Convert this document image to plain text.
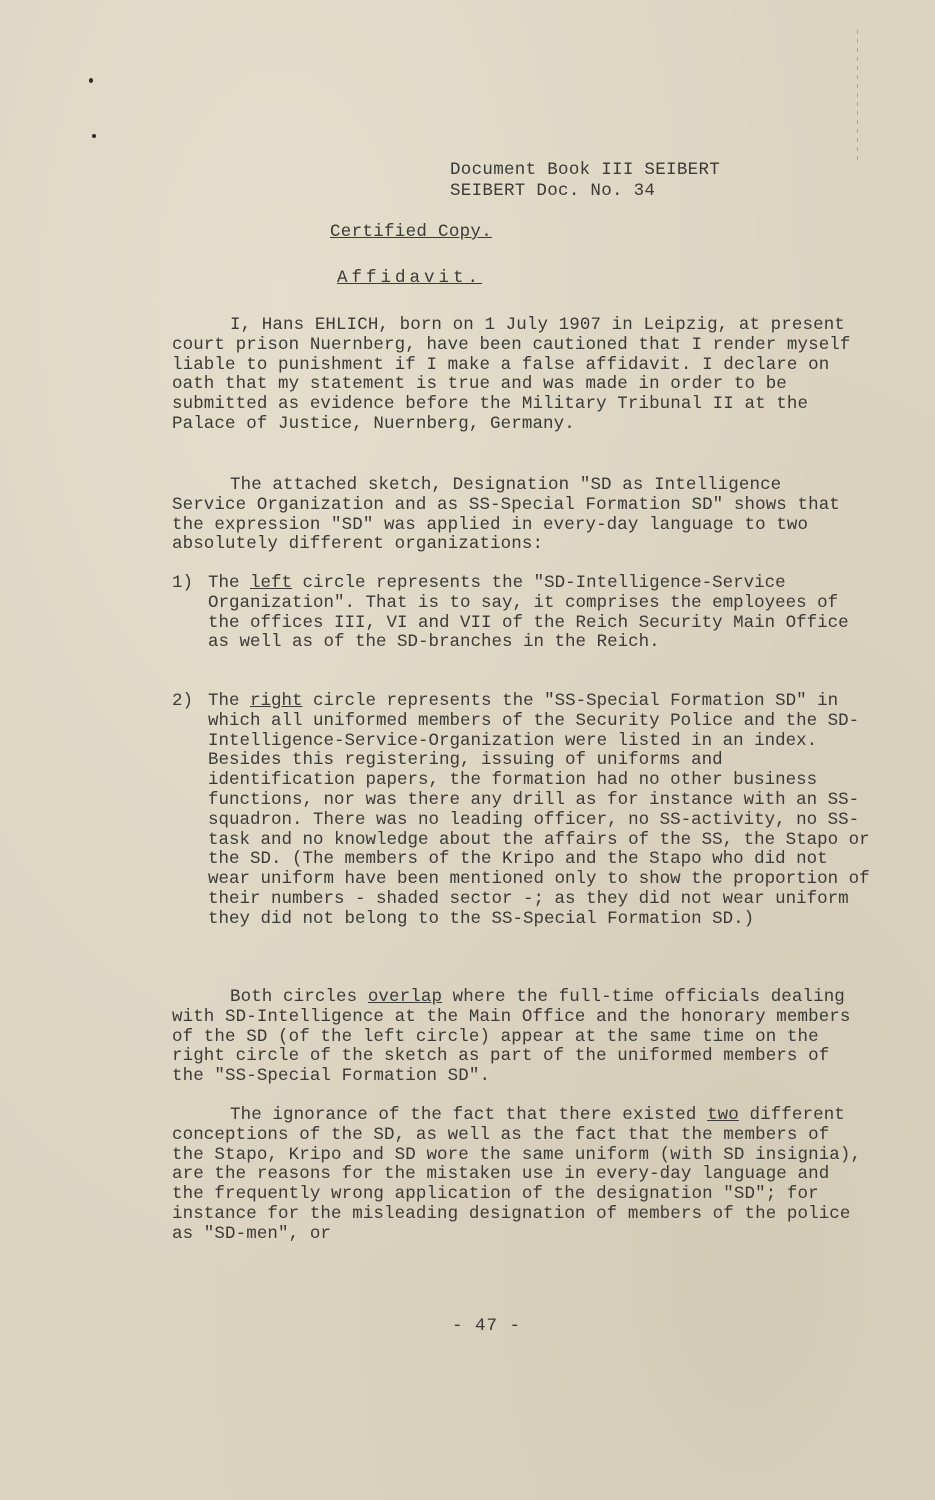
Document Book III SEIBERT
SEIBERT Doc. No. 34
Certified Copy.
Affidavit.

I, Hans EHLICH, born on 1 July 1907 in Leipzig, at present court prison Nuernberg, have been cautioned that I render myself liable to punishment if I make a false affidavit. I declare on oath that my statement is true and was made in order to be submitted as evidence before the Military Tribunal II at the Palace of Justice, Nuernberg, Germany.

The attached sketch, Designation "SD as Intelligence Service Organization and as SS-Special Formation SD" shows that the expression "SD" was applied in every-day language to two absolutely different organizations:

1) The left circle represents the "SD-Intelligence-Service Organization". That is to say, it comprises the employees of the offices III, VI and VII of the Reich Security Main Office as well as of the SD-branches in the Reich.
2) The right circle represents the "SS-Special Formation SD" in which all uniformed members of the Security Police and the SD-Intelligence-Service-Organization were listed in an index. Besides this registering, issuing of uniforms and identification papers, the formation had no other business functions, nor was there any drill as for instance with an SS-squadron. There was no leading officer, no SS-activity, no SS-task and no knowledge about the affairs of the SS, the Stapo or the SD. (The members of the Kripo and the Stapo who did not wear uniform have been mentioned only to show the proportion of their numbers - shaded sector -; as they did not wear uniform they did not belong to the SS-Special Formation SD.)

Both circles overlap where the full-time officials dealing with SD-Intelligence at the Main Office and the honorary members of the SD (of the left circle) appear at the same time on the right circle of the sketch as part of the uniformed members of the "SS-Special Formation SD".

The ignorance of the fact that there existed two different conceptions of the SD, as well as the fact that the members of the Stapo, Kripo and SD wore the same uniform (with SD insignia), are the reasons for the mistaken use in every-day language and the frequently wrong application of the designation "SD"; for instance for the misleading designation of members of the police as "SD-men", or

- 47 -
